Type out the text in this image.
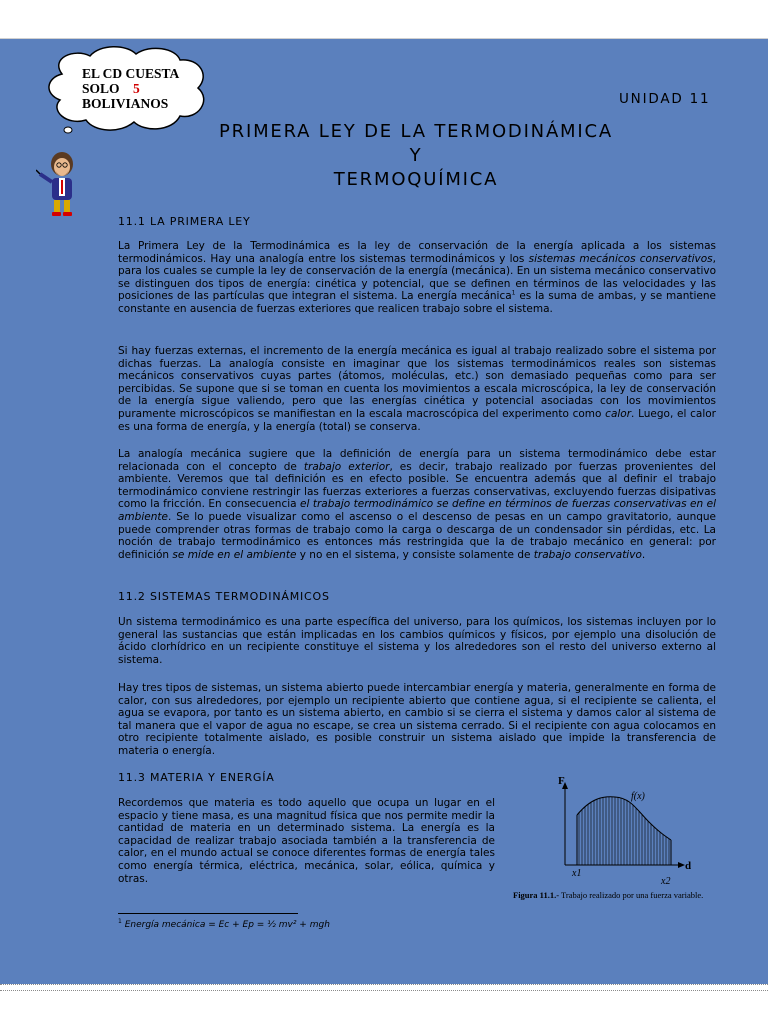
EL CD CUESTA
SOLO 5
BOLIVIANOS	UNIDAD 11
PRIMERA LEY DE LA TERMODINÁMICA
Y
TERMOQUÍMICA
11.1 LA PRIMERA LEY
La Primera Ley de la Termodinámica es la ley de conservación de la energía aplicada a los sistemas termodinámicos. Hay una analogía entre los sistemas termodinámicos y los sistemas mecánicos conservativos, para los cuales se cumple la ley de conservación de la energía (mecánica). En un sistema mecánico conservativo se distinguen dos tipos de energía: cinética y potencial, que se definen en términos de las velocidades y las posiciones de las partículas que integran el sistema. La energía mecánica$^1$ es la suma de ambas, y se mantiene constante en ausencia de fuerzas exteriores que realicen trabajo sobre el sistema.
Si hay fuerzas externas, el incremento de la energía mecánica es igual al trabajo realizado sobre el sistema por dichas fuerzas. La analogía consiste en imaginar que los sistemas termodinámicos reales son sistemas mecánicos conservativos cuyas partes (átomos, moléculas, etc.) son demasiado pequeñas como para ser percibidas. Se supone que si se toman en cuenta los movimientos a escala microscópica, la ley de conservación de la energía sigue valiendo, pero que las energías cinética y potencial asociadas con los movimientos puramente microscópicos se manifiestan en la escala macroscópica del experimento como calor. Luego, el calor es una forma de energía, y la energía (total) se conserva.
La analogía mecánica sugiere que la definición de energía para un sistema termodinámico debe estar relacionada con el concepto de trabajo exterior, es decir, trabajo realizado por fuerzas provenientes del ambiente. Veremos que tal definición es en efecto posible. Se encuentra además que al definir el trabajo termodinámico conviene restringir las fuerzas exteriores a fuerzas conservativas, excluyendo fuerzas disipativas como la fricción. En consecuencia el trabajo termodinámico se define en términos de fuerzas conservativas en el ambiente. Se lo puede visualizar como el ascenso o el descenso de pesas en un campo gravitatorio, aunque puede comprender otras formas de trabajo como la carga o descarga de un condensador sin pérdidas, etc. La noción de trabajo termodinámico es entonces más restringida que la de trabajo mecánico en general: por definición se mide en el ambiente y no en el sistema, y consiste solamente de trabajo conservativo.
11.2 SISTEMAS TERMODINÁMICOS
Un sistema termodinámico es una parte específica del universo, para los químicos, los sistemas incluyen por lo general las sustancias que están implicadas en los cambios químicos y físicos, por ejemplo una disolución de ácido clorhídrico en un recipiente constituye el sistema y los alrededores son el resto del universo externo al sistema.
Hay tres tipos de sistemas, un sistema abierto puede intercambiar energía y materia, generalmente en forma de calor, con sus alrededores, por ejemplo un recipiente abierto que contiene agua, si el recipiente se calienta, el agua se evapora, por tanto es un sistema abierto, en cambio si se cierra el sistema y damos calor al sistema de tal manera que el vapor de agua no escape, se crea un sistema cerrado. Si el recipiente con agua colocamos en otro recipiente totalmente aislado, es posible construir un sistema aislado que impide la transferencia de materia o energía.
11.3 MATERIA Y ENERGÍA
Recordemos que materia es todo aquello que ocupa un lugar en el espacio y tiene masa, es una magnitud física que nos permite medir la cantidad de materia en un determinado sistema. La energía es la capacidad de realizar trabajo asociada también a la transferencia de calor, en el mundo actual se conoce diferentes formas de energía tales como energía térmica, eléctrica, mecánica, solar, eólica, química y otras.
$^1$ Energía mecánica = Ec + Ep = ½ mv² + mgh
F
d
f(x)
x1
x2
Figura 11.1.- Trabajo realizado por una fuerza variable.
